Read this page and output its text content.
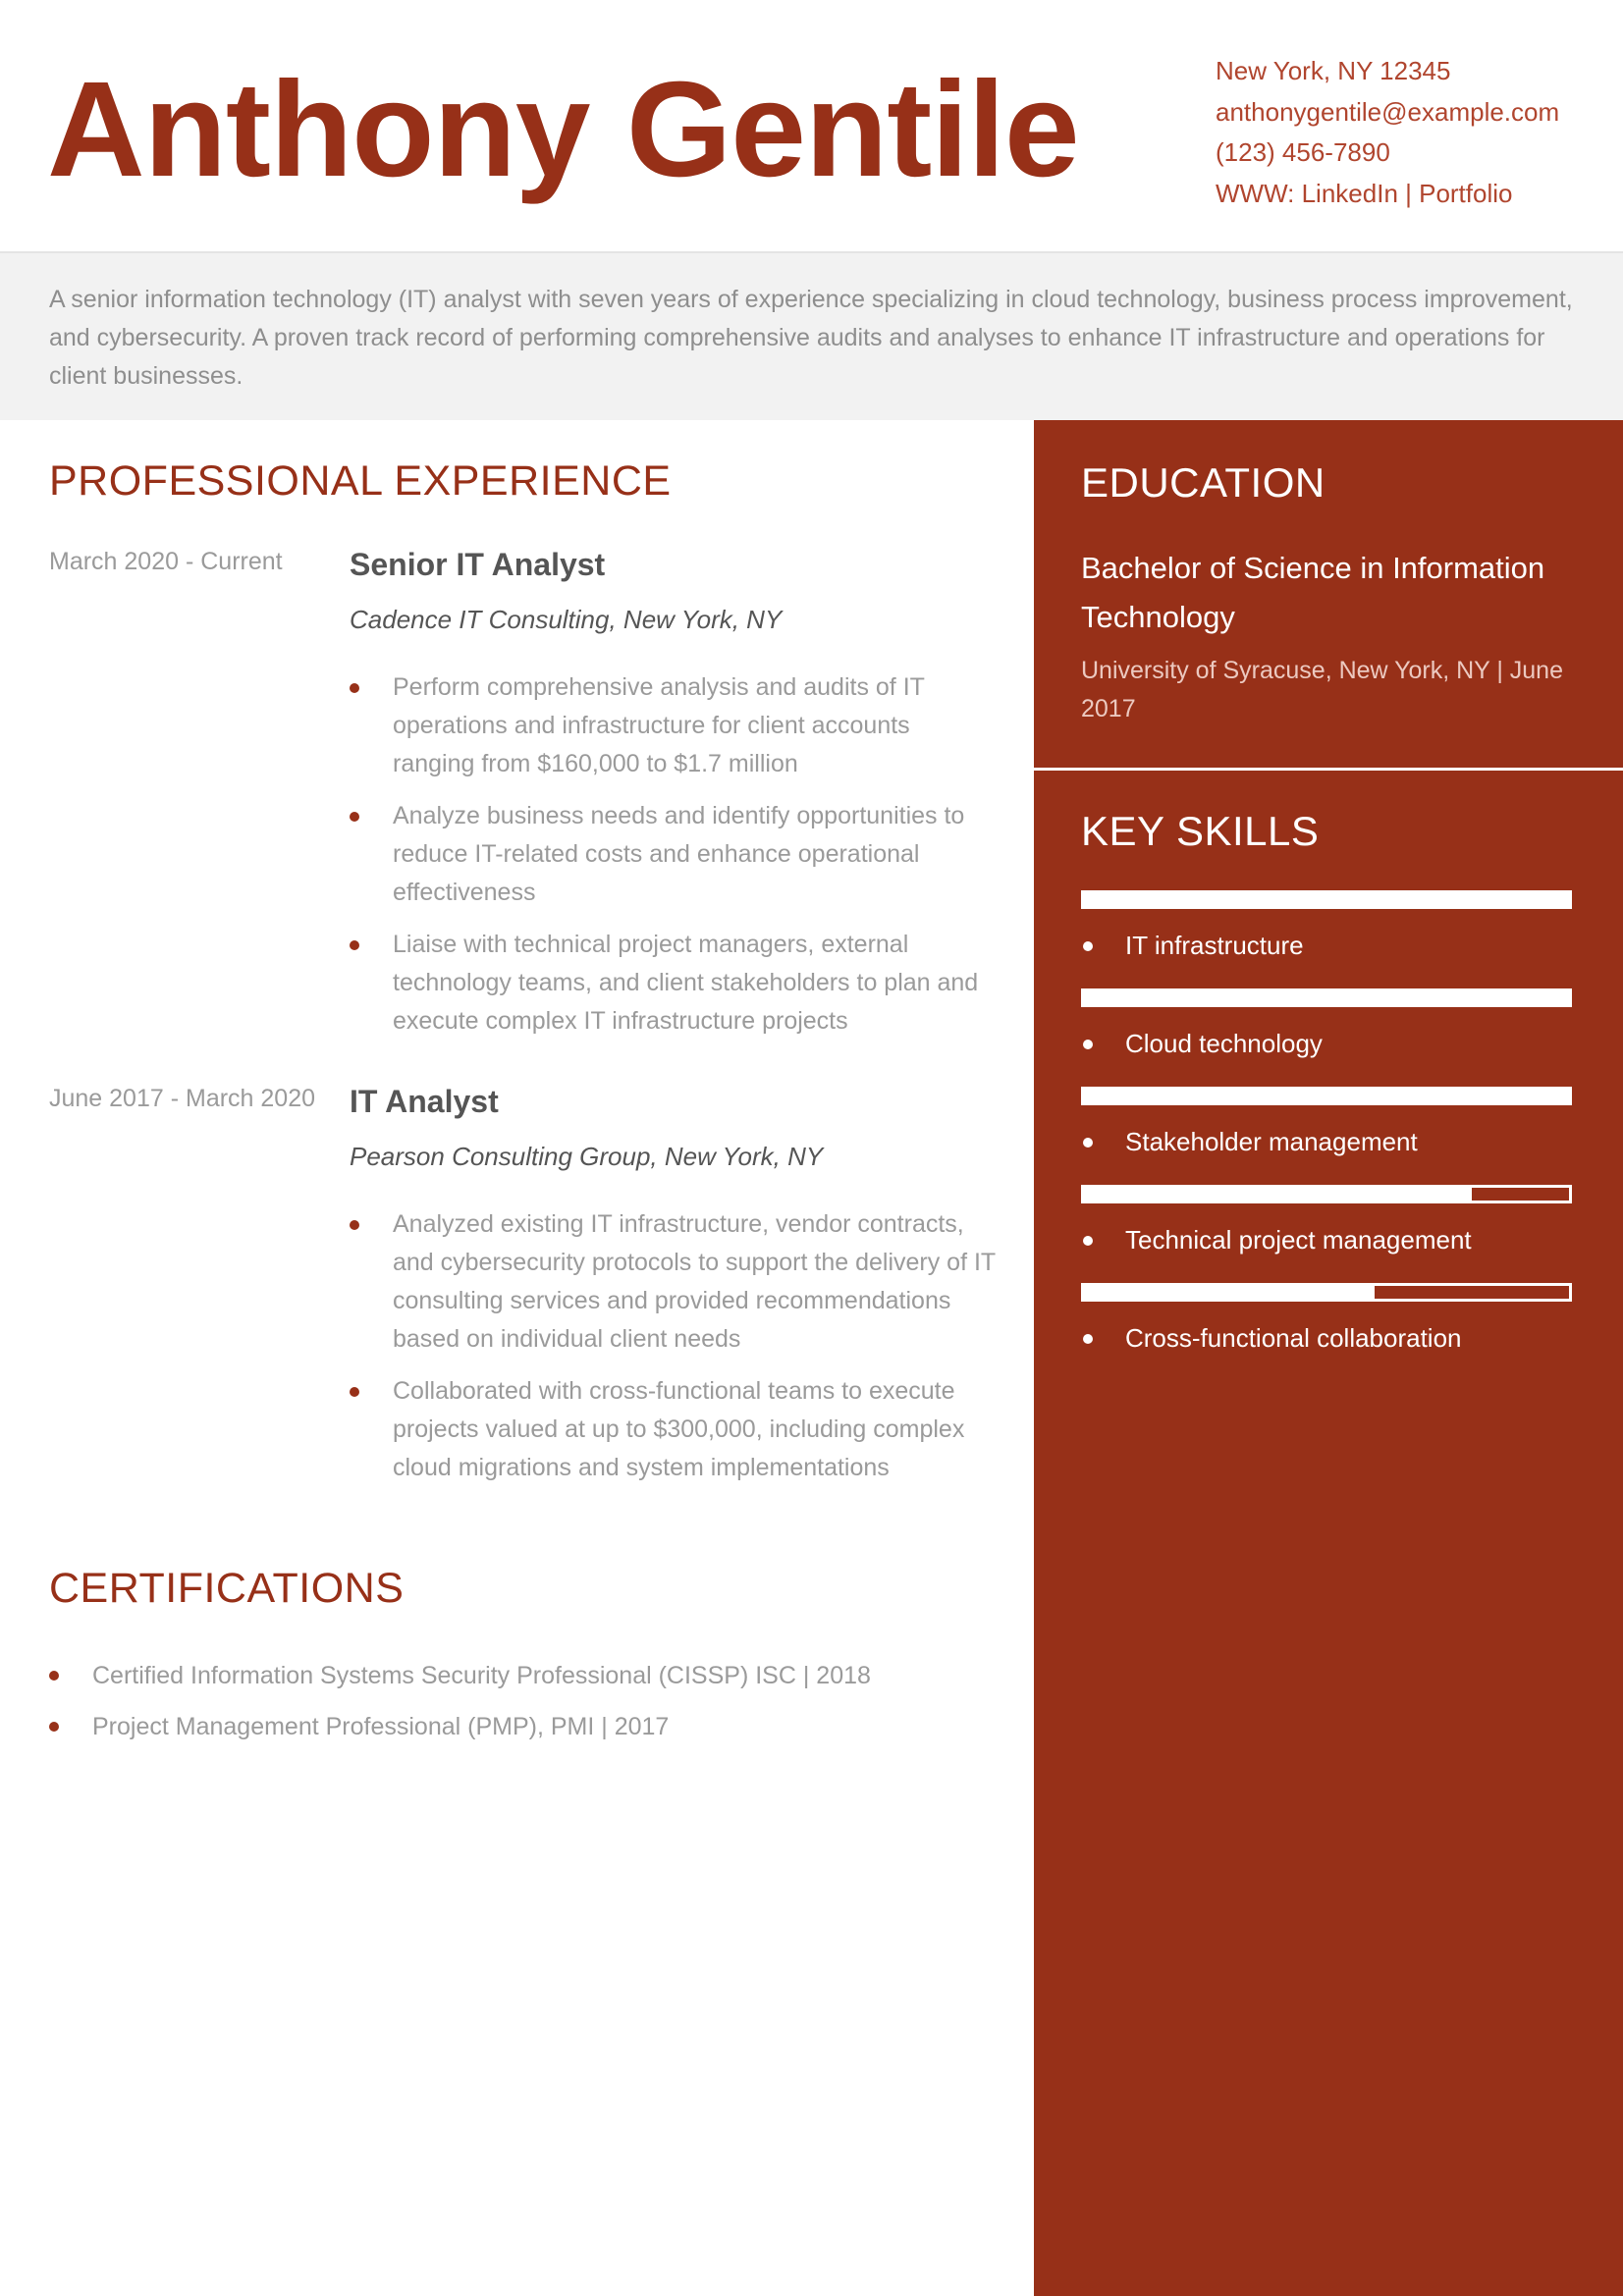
Anthony Gentile	New York, NY 12345
anthonygentile@example.com
(123) 456-7890
WWW: LinkedIn | Portfolio

A senior information technology (IT) analyst with seven years of experience specializing in cloud technology, business process improvement, and cybersecurity. A proven track record of performing comprehensive audits and analyses to enhance IT infrastructure and operations for client businesses.

PROFESSIONAL EXPERIENCE
March 2020 - Current Senior IT Analyst
Cadence IT Consulting, New York, NY
Perform comprehensive analysis and audits of IT operations and infrastructure for client accounts ranging from $160,000 to $1.7 million
Analyze business needs and identify opportunities to reduce IT-related costs and enhance operational effectiveness
Liaise with technical project managers, external technology teams, and client stakeholders to plan and execute complex IT infrastructure projects
June 2017 - March 2020 IT Analyst
Pearson Consulting Group, New York, NY
Analyzed existing IT infrastructure, vendor contracts, and cybersecurity protocols to support the delivery of IT consulting services and provided recommendations based on individual client needs
Collaborated with cross-functional teams to execute projects valued at up to $300,000, including complex cloud migrations and system implementations
CERTIFICATIONS
Certified Information Systems Security Professional (CISSP) ISC | 2018
Project Management Professional (PMP), PMI | 2017
EDUCATION
Bachelor of Science in Information Technology
University of Syracuse, New York, NY | June 2017
KEY SKILLS
IT infrastructure
Cloud technology
Stakeholder management
Technical project management
Cross-functional collaboration
